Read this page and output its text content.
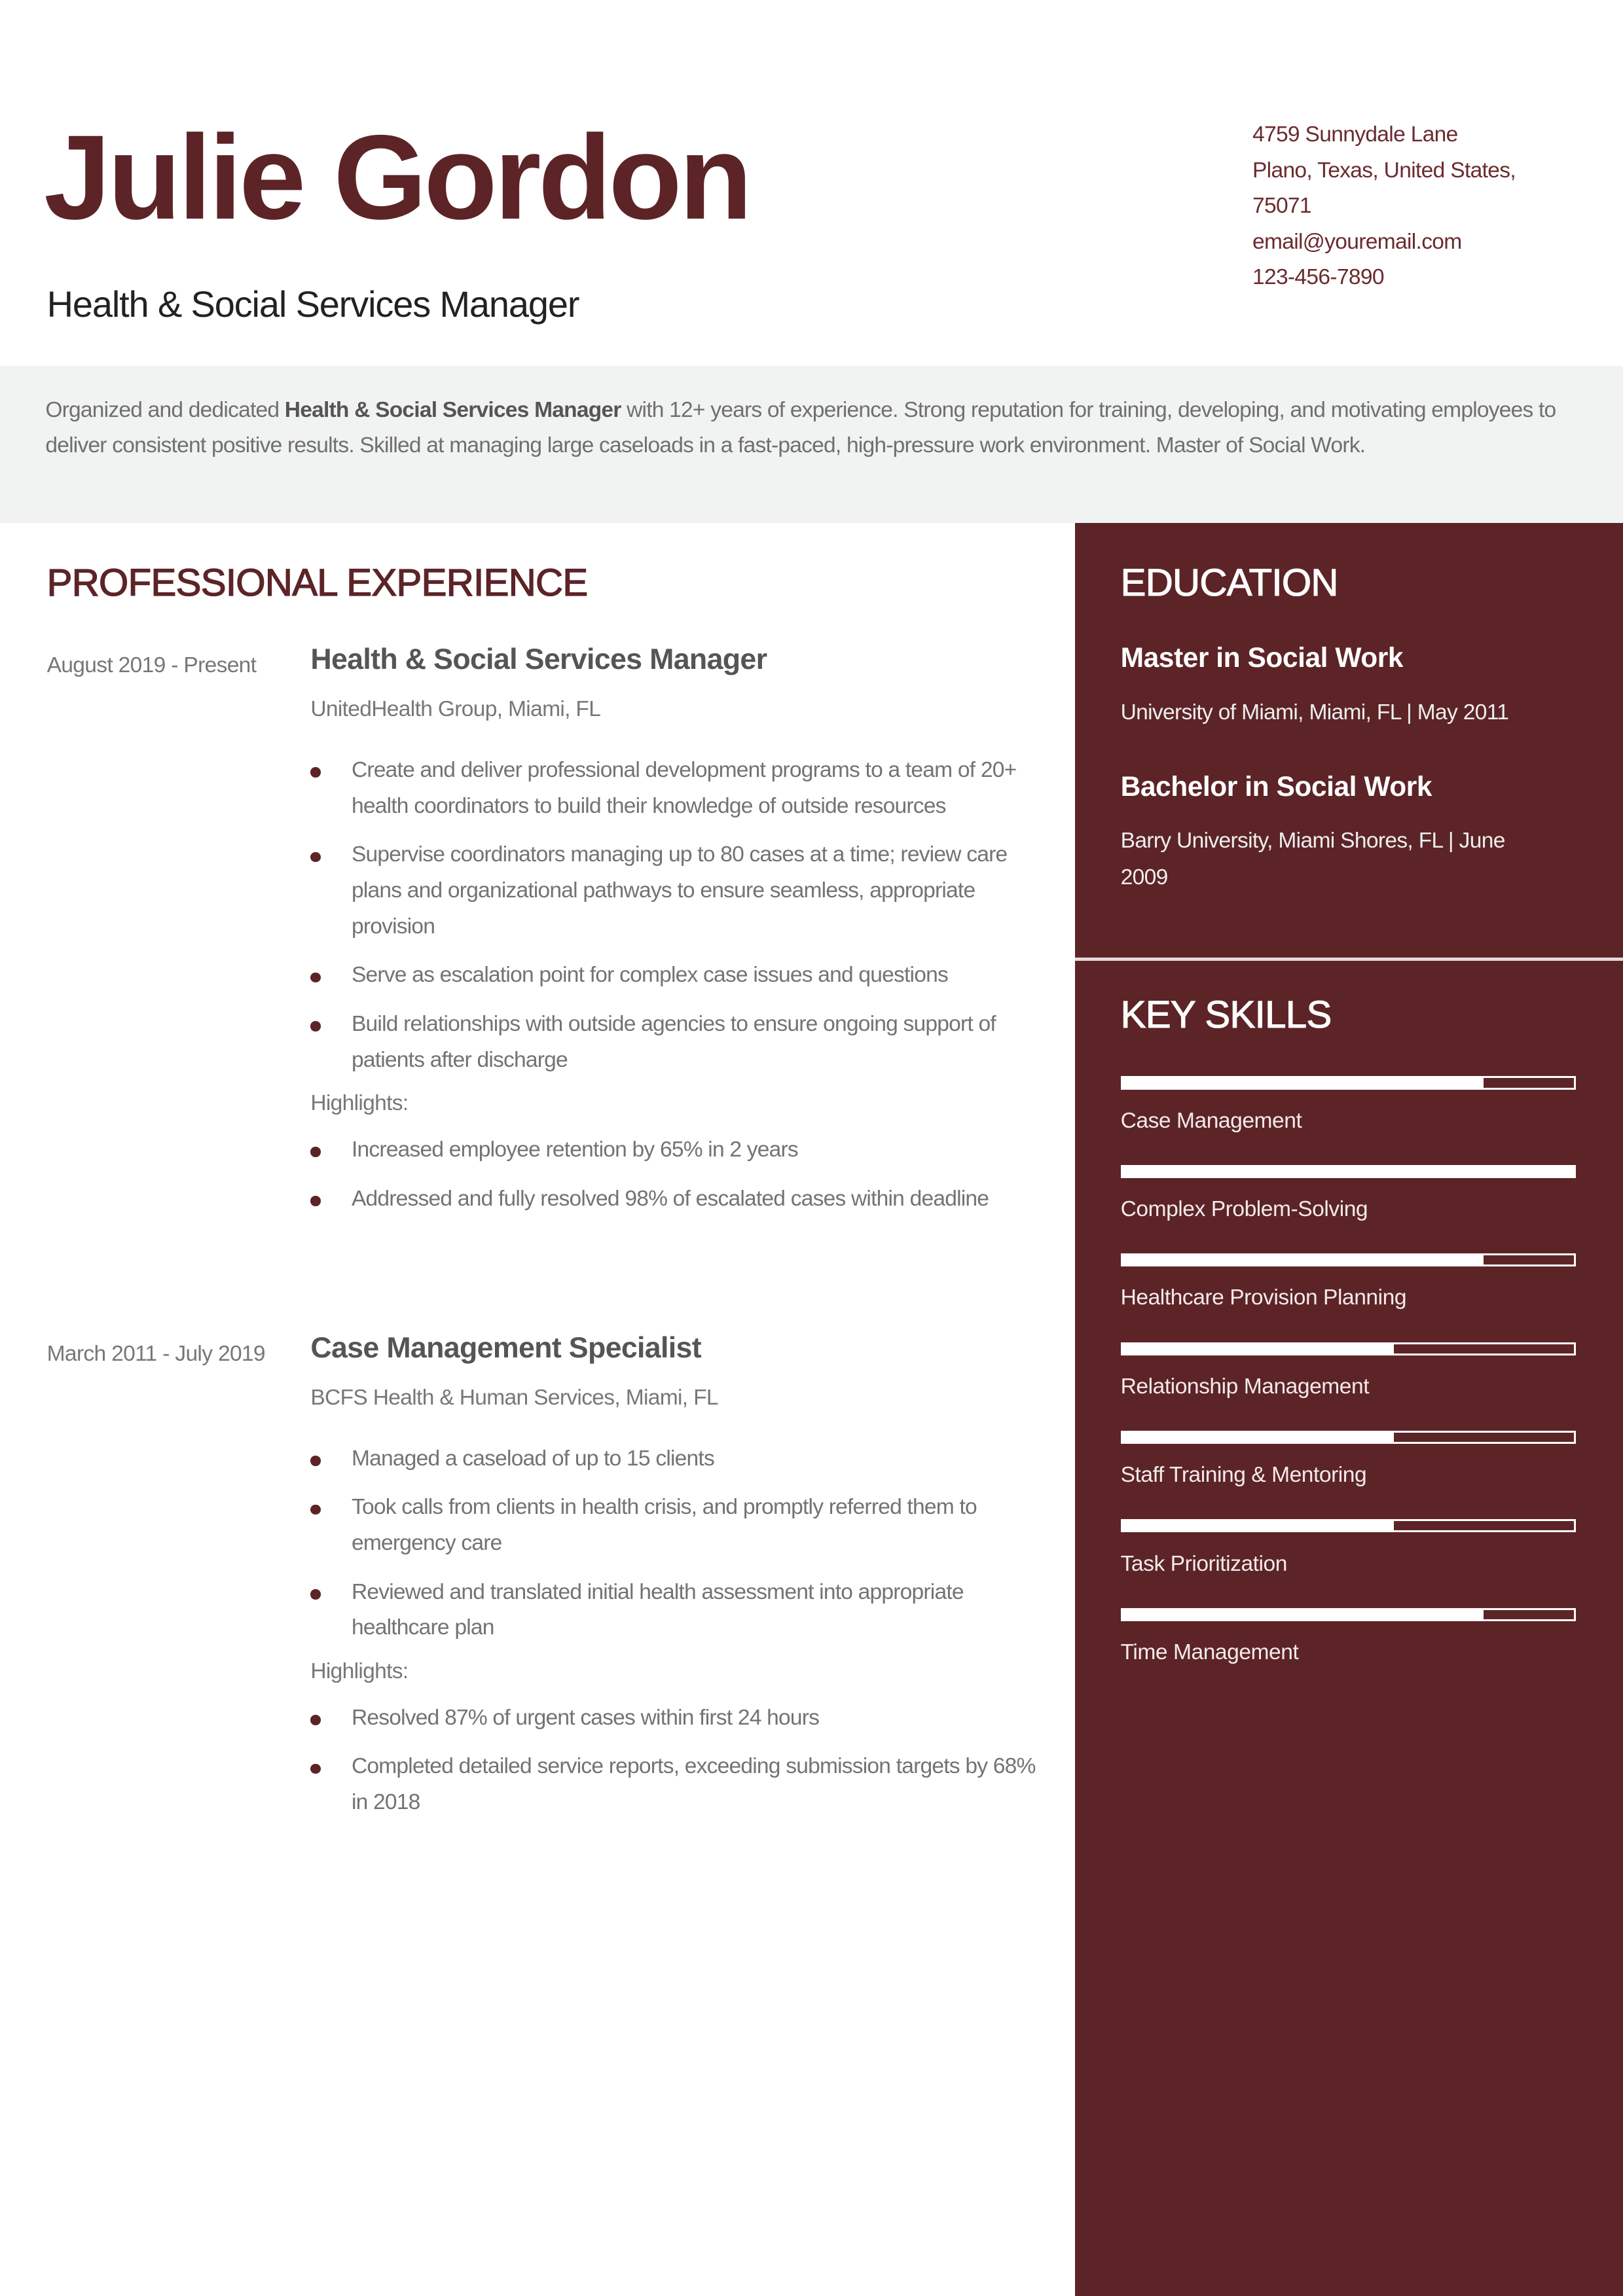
Julie Gordon
Health & Social Services Manager
4759 Sunnydale Lane
Plano, Texas, United States,
75071
email@youremail.com
123-456-7890

Organized and dedicated Health & Social Services Manager with 12+ years of experience. Strong reputation for training, developing, and motivating employees to deliver consistent positive results. Skilled at managing large caseloads in a fast-paced, high-pressure work environment. Master of Social Work.

PROFESSIONAL EXPERIENCE
August 2019 - Present	Health & Social Services Manager
UnitedHealth Group, Miami, FL
Create and deliver professional development programs to a team of 20+ health coordinators to build their knowledge of outside resources
Supervise coordinators managing up to 80 cases at a time; review care plans and organizational pathways to ensure seamless, appropriate provision
Serve as escalation point for complex case issues and questions
Build relationships with outside agencies to ensure ongoing support of patients after discharge
Highlights:
Increased employee retention by 65% in 2 years
Addressed and fully resolved 98% of escalated cases within deadline
March 2011 - July 2019	Case Management Specialist
BCFS Health & Human Services, Miami, FL
Managed a caseload of up to 15 clients
Took calls from clients in health crisis, and promptly referred them to emergency care
Reviewed and translated initial health assessment into appropriate healthcare plan
Highlights:
Resolved 87% of urgent cases within first 24 hours
Completed detailed service reports, exceeding submission targets by 68% in 2018
EDUCATION
Master in Social Work
University of Miami, Miami, FL | May 2011
Bachelor in Social Work
Barry University, Miami Shores, FL | June 2009
KEY SKILLS
Case Management
Complex Problem-Solving
Healthcare Provision Planning
Relationship Management
Staff Training & Mentoring
Task Prioritization
Time Management
